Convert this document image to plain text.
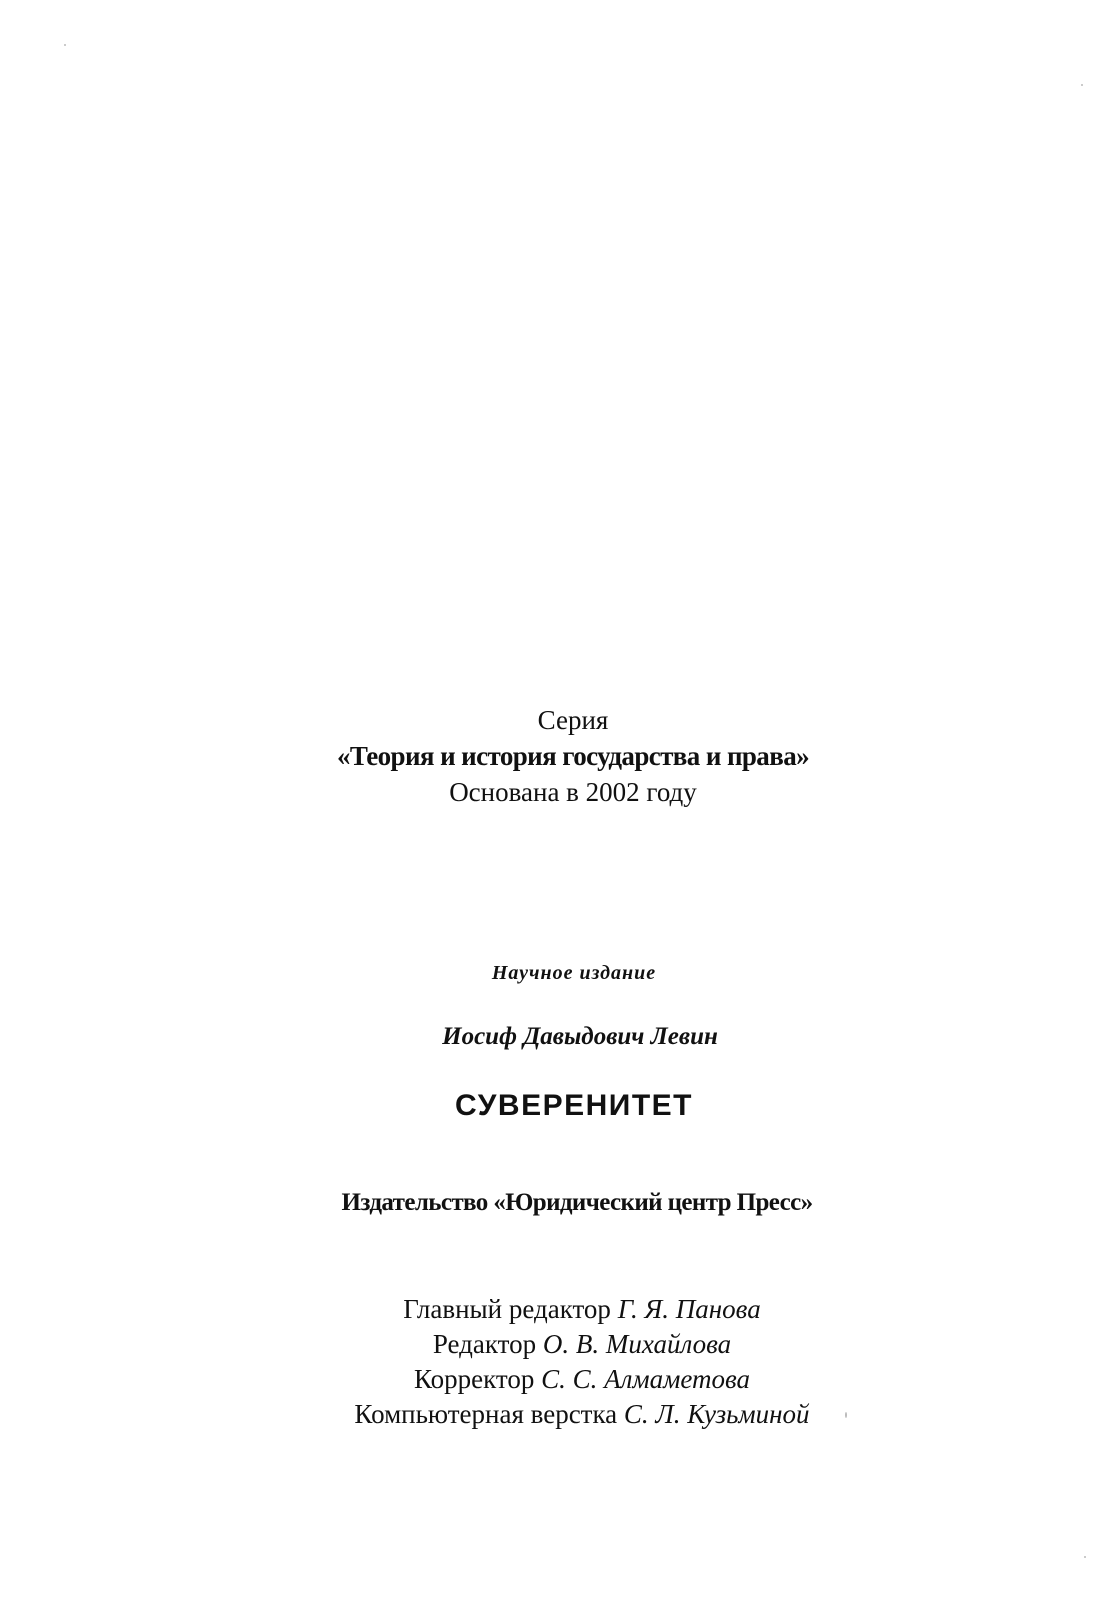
Серия
«Теория и история государства и права»
Основана в 2002 году
Научное издание
Иосиф Давыдович Левин
СУВЕРЕНИТЕТ
Издательство «Юридический центр Пресс»
Главный редактор Г. Я. Панова
Редактор О. В. Михайлова
Корректор С. С. Алмаметова
Компьютерная верстка С. Л. Кузьминой
